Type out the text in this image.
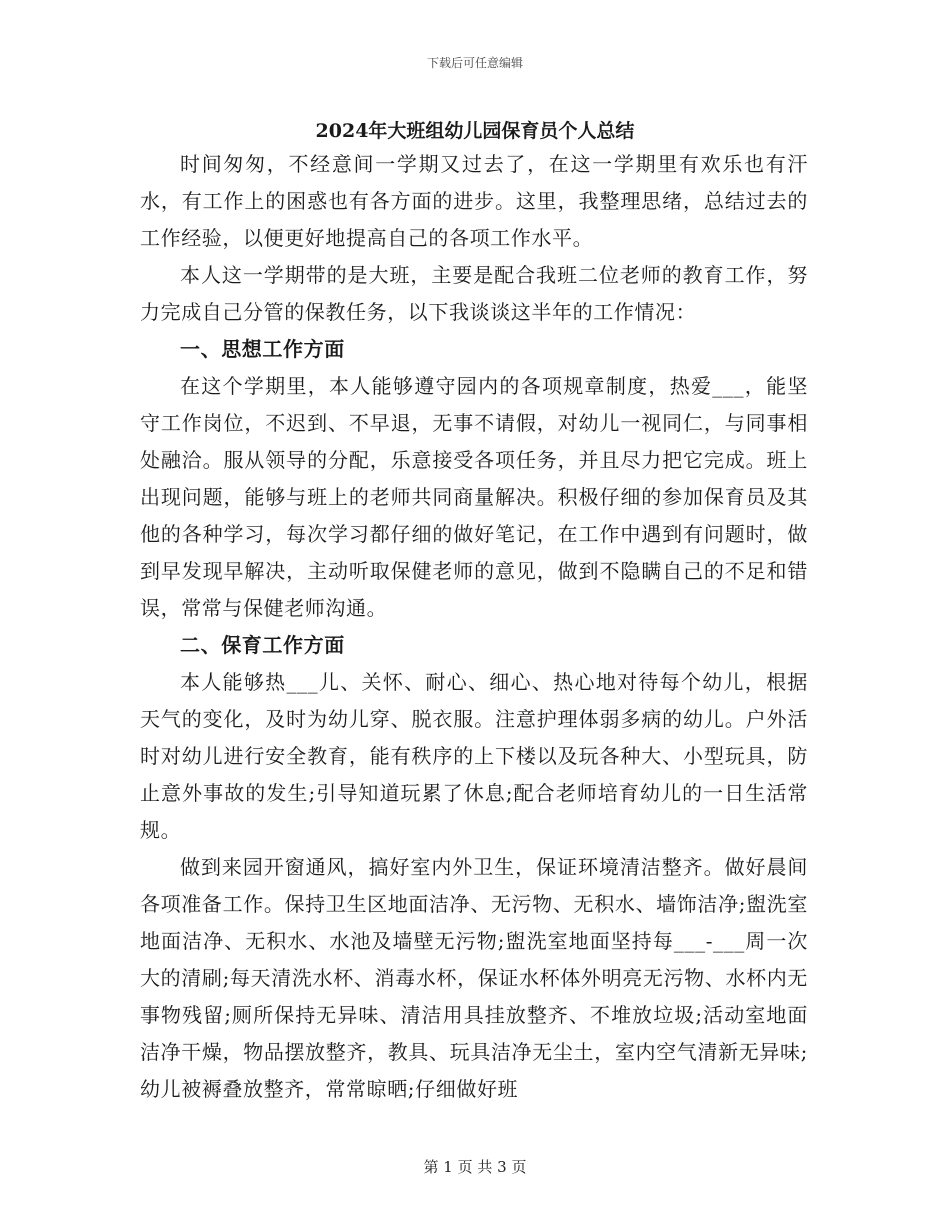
下载后可任意编辑
2024年大班组幼儿园保育员个人总结

时间匆匆，不经意间一学期又过去了，在这一学期里有欢乐也有汗水，有工作上的困惑也有各方面的进步。这里，我整理思绪，总结过去的工作经验，以便更好地提高自己的各项工作水平。

本人这一学期带的是大班，主要是配合我班二位老师的教育工作，努力完成自己分管的保教任务，以下我谈谈这半年的工作情况：

一、思想工作方面

在这个学期里，本人能够遵守园内的各项规章制度，热爱___，能坚守工作岗位，不迟到、不早退，无事不请假，对幼儿一视同仁，与同事相处融洽。服从领导的分配，乐意接受各项任务，并且尽力把它完成。班上出现问题，能够与班上的老师共同商量解决。积极仔细的参加保育员及其他的各种学习，每次学习都仔细的做好笔记，在工作中遇到有问题时，做到早发现早解决，主动听取保健老师的意见，做到不隐瞒自己的不足和错误，常常与保健老师沟通。

二、保育工作方面

本人能够热___儿、关怀、耐心、细心、热心地对待每个幼儿，根据天气的变化，及时为幼儿穿、脱衣服。注意护理体弱多病的幼儿。户外活时对幼儿进行安全教育，能有秩序的上下楼以及玩各种大、小型玩具，防止意外事故的发生;引导知道玩累了休息;配合老师培育幼儿的一日生活常规。

做到来园开窗通风，搞好室内外卫生，保证环境清洁整齐。做好晨间各项准备工作。保持卫生区地面洁净、无污物、无积水、墙饰洁净;盥洗室地面洁净、无积水、水池及墙壁无污物;盥洗室地面坚持每___-___周一次大的清刷;每天清洗水杯、消毒水杯，保证水杯体外明亮无污物、水杯内无事物残留;厕所保持无异味、清洁用具挂放整齐、不堆放垃圾;活动室地面洁净干燥，物品摆放整齐，教具、玩具洁净无尘土，室内空气清新无异味;幼儿被褥叠放整齐，常常晾晒;仔细做好班

第 1 页 共 3 页
